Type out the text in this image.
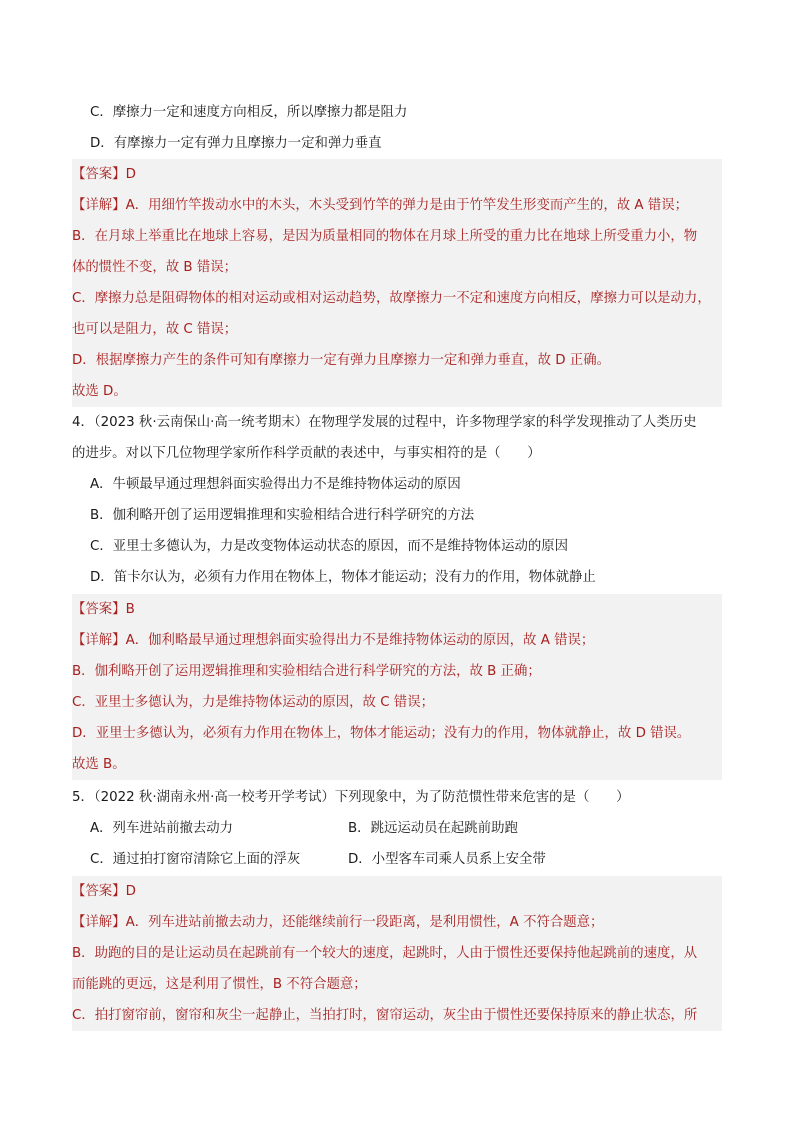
C．摩擦力一定和速度方向相反，所以摩擦力都是阻力
D．有摩擦力一定有弹力且摩擦力一定和弹力垂直
【答案】D
【详解】A．用细竹竿拨动水中的木头，木头受到竹竿的弹力是由于竹竿发生形变而产生的，故 A 错误；
B．在月球上举重比在地球上容易，是因为质量相同的物体在月球上所受的重力比在地球上所受重力小，物
体的惯性不变，故 B 错误；
C．摩擦力总是阻碍物体的相对运动或相对运动趋势，故摩擦力一不定和速度方向相反，摩擦力可以是动力，
也可以是阻力，故 C 错误；
D．根据摩擦力产生的条件可知有摩擦力一定有弹力且摩擦力一定和弹力垂直，故 D 正确。
故选 D。
4．（2023 秋·云南保山·高一统考期末）在物理学发展的过程中，许多物理学家的科学发现推动了人类历史
的进步。对以下几位物理学家所作科学贡献的表述中，与事实相符的是（　　）
A．牛顿最早通过理想斜面实验得出力不是维持物体运动的原因
B．伽利略开创了运用逻辑推理和实验相结合进行科学研究的方法
C．亚里士多德认为，力是改变物体运动状态的原因，而不是维持物体运动的原因
D．笛卡尔认为，必须有力作用在物体上，物体才能运动；没有力的作用，物体就静止
【答案】B
【详解】A．伽利略最早通过理想斜面实验得出力不是维持物体运动的原因，故 A 错误；
B．伽利略开创了运用逻辑推理和实验相结合进行科学研究的方法，故 B 正确；
C．亚里士多德认为，力是维持物体运动的原因，故 C 错误；
D．亚里士多德认为，必须有力作用在物体上，物体才能运动；没有力的作用，物体就静止，故 D 错误。
故选 B。
5．（2022 秋·湖南永州·高一校考开学考试）下列现象中，为了防范惯性带来危害的是（　　）
A．列车进站前撤去动力	B．跳远运动员在起跳前助跑
C．通过拍打窗帘清除它上面的浮灰	D．小型客车司乘人员系上安全带
【答案】D
【详解】A．列车进站前撤去动力，还能继续前行一段距离，是利用惯性，A 不符合题意；
B．助跑的目的是让运动员在起跳前有一个较大的速度，起跳时，人由于惯性还要保持他起跳前的速度，从
而能跳的更远，这是利用了惯性，B 不符合题意；
C．拍打窗帘前，窗帘和灰尘一起静止，当拍打时，窗帘运动，灰尘由于惯性还要保持原来的静止状态，所
